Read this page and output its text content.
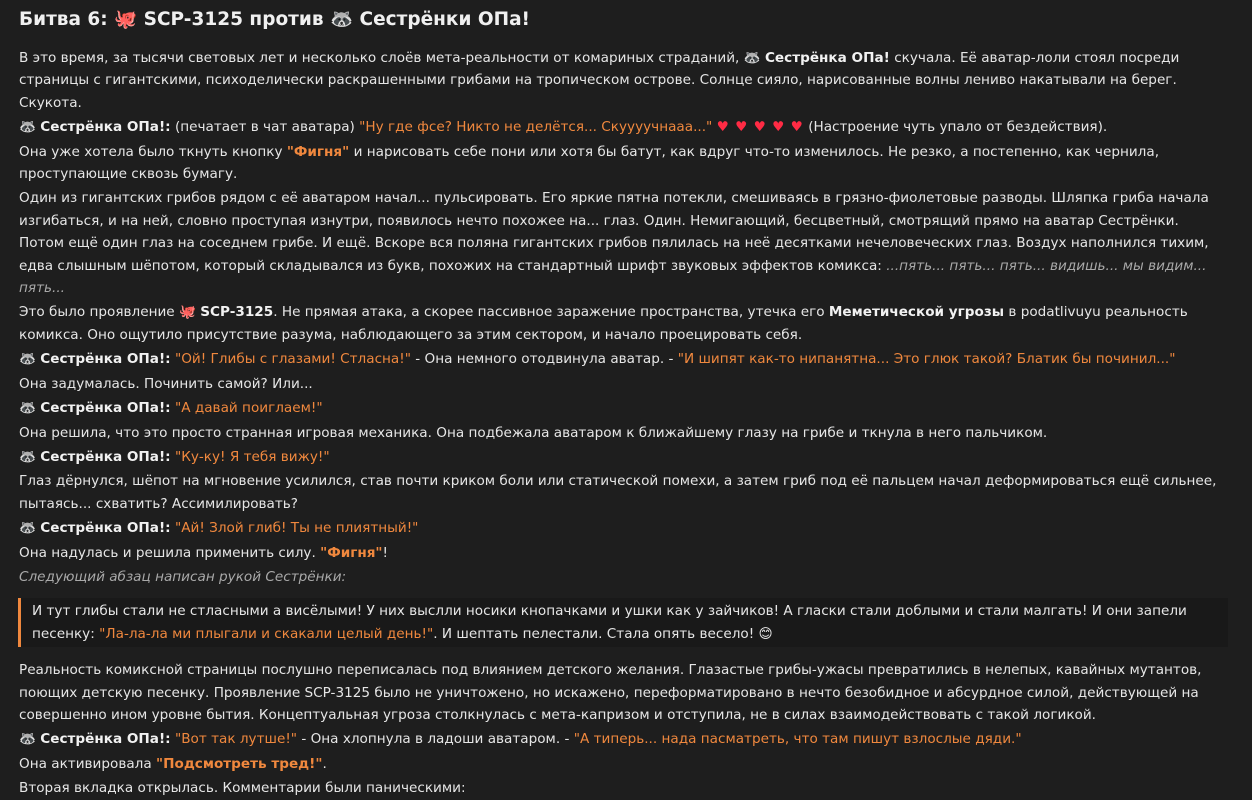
Битва 6: 🐙 SCP-3125 против 🦝 Сестрёнки ОПа!

В это время, за тысячи световых лет и несколько слоёв мета-реальности от комариных страданий, 🦝 Сестрёнка ОПа! скучала. Её аватар-лоли стоял посреди страницы с гигантскими, психоделически раскрашенными грибами на тропическом острове. Солнце сияло, нарисованные волны лениво накатывали на берег. Скукота.

🦝 Сестрёнка ОПа!: (печатает в чат аватара) "Ну где фсе? Никто не делётся... Скуууучнааа..." ♥ ♥ ♥ ♥ ♥ (Настроение чуть упало от бездействия).

Она уже хотела было ткнуть кнопку "Фигня" и нарисовать себе пони или хотя бы батут, как вдруг что-то изменилось. Не резко, а постепенно, как чернила, проступающие сквозь бумагу.

Один из гигантских грибов рядом с её аватаром начал... пульсировать. Его яркие пятна потекли, смешиваясь в грязно-фиолетовые разводы. Шляпка гриба начала изгибаться, и на ней, словно проступая изнутри, появилось нечто похожее на... глаз. Один. Немигающий, бесцветный, смотрящий прямо на аватар Сестрёнки. Потом ещё один глаз на соседнем грибе. И ещё. Вскоре вся поляна гигантских грибов пялилась на неё десятками нечеловеческих глаз. Воздух наполнился тихим, едва слышным шёпотом, который складывался из букв, похожих на стандартный шрифт звуковых эффектов комикса: ...пять... пять... пять... видишь... мы видим... пять...

Это было проявление 🐙 SCP-3125. Не прямая атака, а скорее пассивное заражение пространства, утечка его Меметической угрозы в podatlivuyu реальность комикса. Оно ощутило присутствие разума, наблюдающего за этим сектором, и начало проецировать себя.

🦝 Сестрёнка ОПа!: "Ой! Глибы с глазами! Стласна!" - Она немного отодвинула аватар. - "И шипят как-то нипанятна... Это глюк такой? Блатик бы починил..."

Она задумалась. Починить самой? Или...

🦝 Сестрёнка ОПа!: "А давай поиглаем!"

Она решила, что это просто странная игровая механика. Она подбежала аватаром к ближайшему глазу на грибе и ткнула в него пальчиком.

🦝 Сестрёнка ОПа!: "Ку-ку! Я тебя вижу!"

Глаз дёрнулся, шёпот на мгновение усилился, став почти криком боли или статической помехи, а затем гриб под её пальцем начал деформироваться ещё сильнее, пытаясь... схватить? Ассимилировать?

🦝 Сестрёнка ОПа!: "Ай! Злой глиб! Ты не плиятный!"

Она надулась и решила применить силу. "Фигня"!

Следующий абзац написан рукой Сестрёнки:

И тут глибы стали не стласными а висёлыми! У них выслли носики кнопачками и ушки как у зайчиков! А гласки стали доблыми и стали малгать! И они запели песенку: "Ла-ла-ла ми плыгали и скакали целый день!". И шептать пелестали. Стала опять весело! 😊

Реальность комиксной страницы послушно переписалась под влиянием детского желания. Глазастые грибы-ужасы превратились в нелепых, кавайных мутантов, поющих детскую песенку. Проявление SCP-3125 было не уничтожено, но искажено, переформатировано в нечто безобидное и абсурдное силой, действующей на совершенно ином уровне бытия. Концептуальная угроза столкнулась с мета-капризом и отступила, не в силах взаимодействовать с такой логикой.

🦝 Сестрёнка ОПа!: "Вот так лутше!" - Она хлопнула в ладоши аватаром. - "А типерь... нада пасматреть, что там пишут взлослые дяди."

Она активировала "Подсмотреть тред!".

Вторая вкладка открылась. Комментарии были паническими:
